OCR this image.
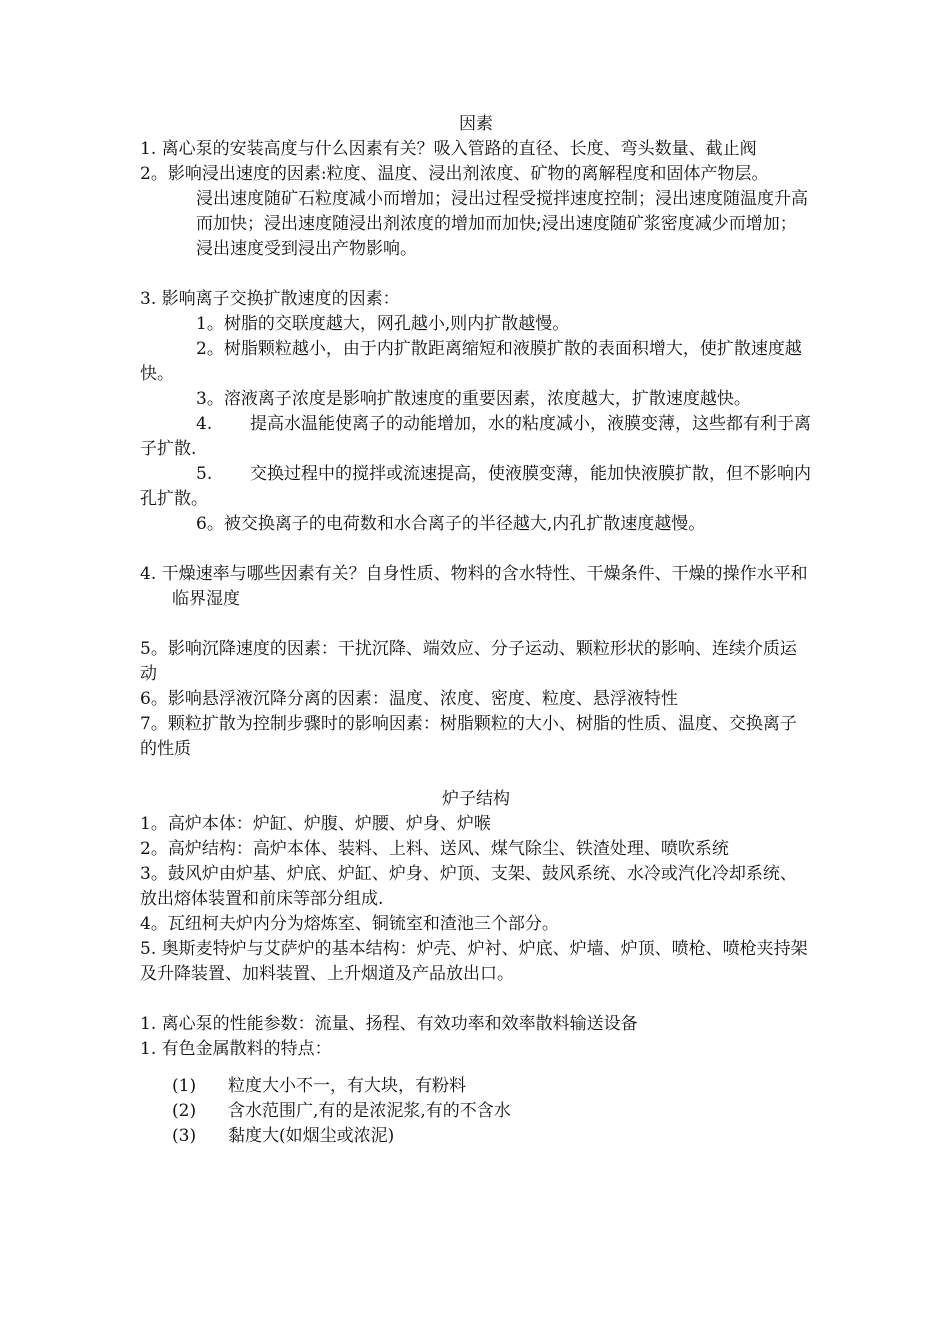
因素

1. 离心泵的安装高度与什么因素有关？吸入管路的直径、长度、弯头数量、截止阀

2。影响浸出速度的因素:粒度、温度、浸出剂浓度、矿物的离解程度和固体产物层。

浸出速度随矿石粒度减小而增加；浸出过程受搅拌速度控制；浸出速度随温度升高而加快；浸出速度随浸出剂浓度的增加而加快;浸出速度随矿浆密度减少而增加；浸出速度受到浸出产物影响。

3. 影响离子交换扩散速度的因素：

1。树脂的交联度越大，网孔越小,则内扩散越慢。

2。树脂颗粒越小，由于内扩散距离缩短和液膜扩散的表面积增大，使扩散速度越快。

3。溶液离子浓度是影响扩散速度的重要因素，浓度越大，扩散速度越快。

4.       提高水温能使离子的动能增加，水的粘度减小，液膜变薄，这些都有利于离子扩散.

5.       交换过程中的搅拌或流速提高，使液膜变薄，能加快液膜扩散，但不影响内孔扩散。

6。被交换离子的电荷数和水合离子的半径越大,内孔扩散速度越慢。

4. 干燥速率与哪些因素有关？自身性质、物料的含水特性、干燥条件、干燥的操作水平和临界湿度

5。影响沉降速度的因素：干扰沉降、端效应、分子运动、颗粒形状的影响、连续介质运动

6。影响悬浮液沉降分离的因素：温度、浓度、密度、粒度、悬浮液特性

7。颗粒扩散为控制步骤时的影响因素：树脂颗粒的大小、树脂的性质、温度、交换离子的性质

炉子结构

1。高炉本体：炉缸、炉腹、炉腰、炉身、炉喉

2。高炉结构：高炉本体、装料、上料、送风、煤气除尘、铁渣处理、喷吹系统

3。鼓风炉由炉基、炉底、炉缸、炉身、炉顶、支架、鼓风系统、水冷或汽化冷却系统、放出熔体装置和前床等部分组成.

4。瓦纽柯夫炉内分为熔炼室、铜锍室和渣池三个部分。

5. 奥斯麦特炉与艾萨炉的基本结构：炉壳、炉衬、炉底、炉墙、炉顶、喷枪、喷枪夹持架及升降装置、加料装置、上升烟道及产品放出口。

1. 离心泵的性能参数：流量、扬程、有效功率和效率散料输送设备

1. 有色金属散料的特点：

(1)	粒度大小不一，有大块，有粉料
(2)	含水范围广,有的是浓泥浆,有的不含水
(3)	黏度大(如烟尘或浓泥)
